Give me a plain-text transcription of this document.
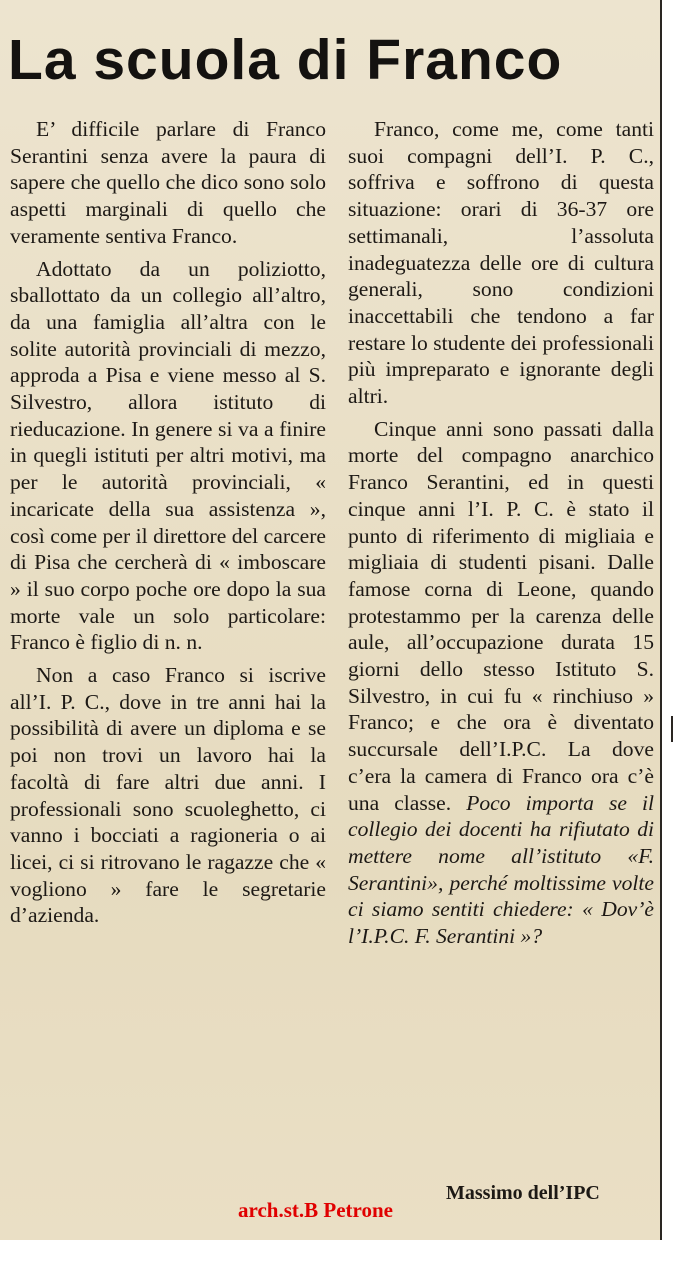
La scuola di Franco

E’ difficile parlare di Franco Serantini senza avere la paura di sapere che quello che dico sono solo aspetti marginali di quello che veramente sentiva Franco.

Adottato da un poliziotto, sballottato da un collegio all’altro, da una famiglia all’altra con le solite autorità provinciali di mezzo, approda a Pisa e viene messo al S. Silvestro, allora istituto di rieducazione. In genere si va a finire in quegli istituti per altri motivi, ma per le autorità provinciali, « incaricate della sua assistenza », così come per il direttore del carcere di Pisa che cercherà di « imboscare » il suo corpo poche ore dopo la sua morte vale un solo particolare: Franco è figlio di n. n.

Non a caso Franco si iscrive all’I. P. C., dove in tre anni hai la possibilità di avere un diploma e se poi non trovi un lavoro hai la facoltà di fare altri due anni. I professionali sono scuoleghetto, ci vanno i bocciati a ragioneria o ai licei, ci si ritrovano le ragazze che « vogliono » fare le segretarie d’azienda.

Franco, come me, come tanti suoi compagni dell’I. P. C., soffriva e soffrono di questa situazione: orari di 36-37 ore settimanali, l’assoluta inadeguatezza delle ore di cultura generali, sono condizioni inaccettabili che tendono a far restare lo studente dei professionali più impreparato e ignorante degli altri.

Cinque anni sono passati dalla morte del compagno anarchico Franco Serantini, ed in questi cinque anni l’I. P. C. è stato il punto di riferimento di migliaia e migliaia di studenti pisani. Dalle famose corna di Leone, quando protestammo per la carenza delle aule, all’occupazione durata 15 giorni dello stesso Istituto S. Silvestro, in cui fu « rinchiuso » Franco; e che ora è diventato succursale dell’I.P.C. La dove c’era la camera di Franco ora c’è una classe. Poco importa se il collegio dei docenti ha rifiutato di mettere nome all’istituto «F. Serantini», perché moltissime volte ci siamo sentiti chiedere: « Dov’è l’I.P.C. F. Serantini »?

Massimo dell’IPC

arch.st.B Petrone
